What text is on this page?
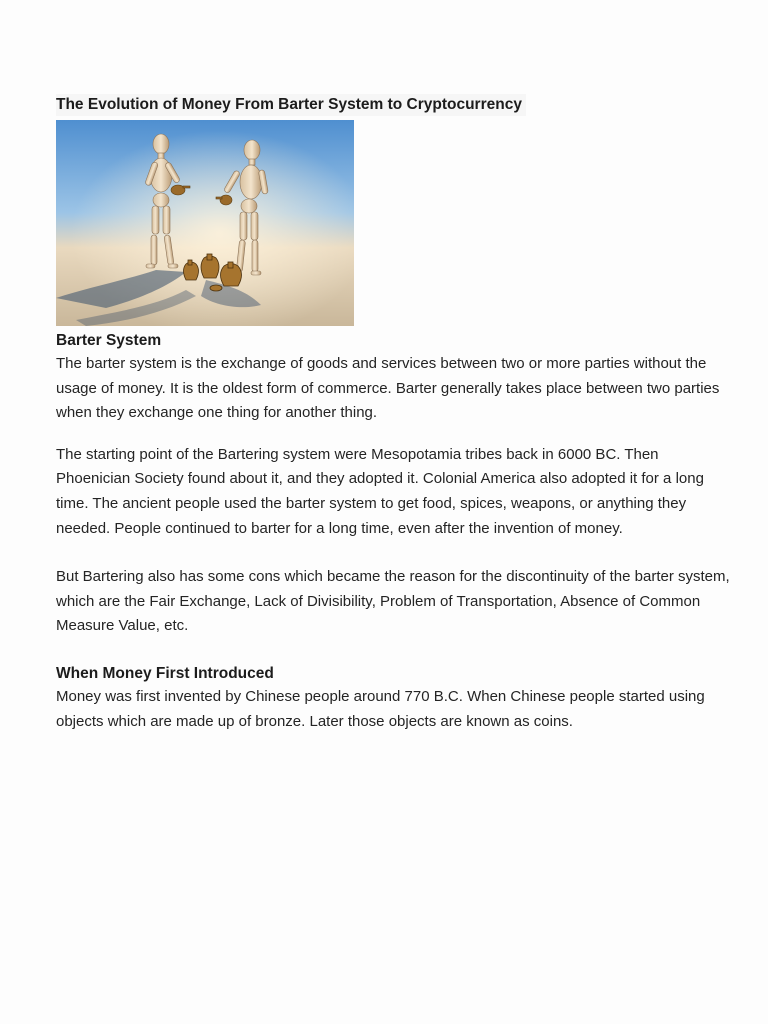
The Evolution of Money From Barter System to Cryptocurrency
Barter System

The barter system is the exchange of goods and services between two or more parties without the usage of money. It is the oldest form of commerce. Barter generally takes place between two parties when they exchange one thing for another thing.

The starting point of the Bartering system were Mesopotamia tribes back in 6000 BC. Then Phoenician Society found about it, and they adopted it. Colonial America also adopted it for a long time. The ancient people used the barter system to get food, spices, weapons, or anything they needed. People continued to barter for a long time, even after the invention of money.

But Bartering also has some cons which became the reason for the discontinuity of the barter system, which are the Fair Exchange, Lack of Divisibility, Problem of Transportation, Absence of Common Measure Value, etc.

When Money First Introduced

Money was first invented by Chinese people around 770 B.C. When Chinese people started using objects which are made up of bronze. Later those objects are known as coins.
